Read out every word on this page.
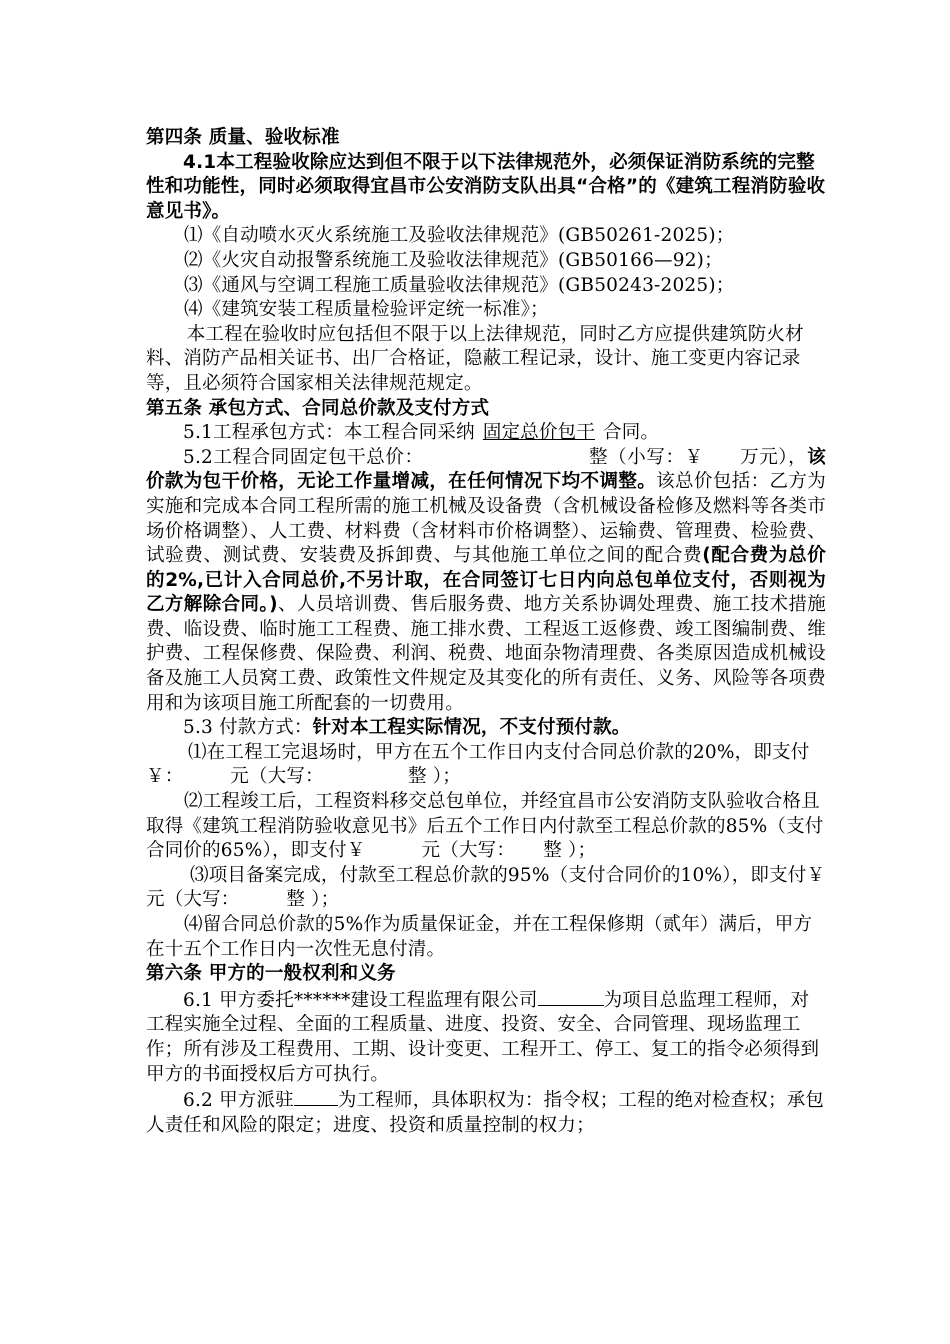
第四条 质量、验收标准
4.1本工程验收除应达到但不限于以下法律规范外，必须保证消防系统的完整性和功能性，同时必须取得宜昌市公安消防支队出具“合格”的《建筑工程消防验收意见书》。
⑴《自动喷水灭火系统施工及验收法律规范》(GB50261-2025)；
⑵《火灾自动报警系统施工及验收法律规范》(GB50166—92)；
⑶《通风与空调工程施工质量验收法律规范》(GB50243-2025)；
⑷《建筑安装工程质量检验评定统一标准》；
本工程在验收时应包括但不限于以上法律规范，同时乙方应提供建筑防火材料、消防产品相关证书、出厂合格证，隐蔽工程记录，设计、施工变更内容记录等，且必须符合国家相关法律规范规定。
第五条 承包方式、合同总价款及支付方式
5.1工程承包方式：本工程合同采纳 固定总价包干 合同。
5.2工程合同固定包干总价：	整（小写：￥ 万元），该价款为包干价格，无论工作量增减，在任何情况下均不调整。该总价包括：乙方为实施和完成本合同工程所需的施工机械及设备费（含机械设备检修及燃料等各类市场价格调整）、人工费、材料费（含材料市价格调整）、运输费、管理费、检验费、试验费、测试费、安装费及拆卸费、与其他施工单位之间的配合费(配合费为总价的2%,已计入合同总价,不另计取，在合同签订七日内向总包单位支付，否则视为乙方解除合同。)、人员培训费、售后服务费、地方关系协调处理费、施工技术措施费、临设费、临时施工工程费、施工排水费、工程返工返修费、竣工图编制费、维护费、工程保修费、保险费、利润、税费、地面杂物清理费、各类原因造成机械设备及施工人员窝工费、政策性文件规定及其变化的所有责任、义务、风险等各项费用和为该项目施工所配套的一切费用。
5.3 付款方式：针对本工程实际情况，不支付预付款。
⑴在工程工完退场时，甲方在五个工作日内支付合同总价款的20%，即支付￥：　　　元（大写：　　　　　整 ）；
⑵工程竣工后，工程资料移交总包单位，并经宜昌市公安消防支队验收合格且取得《建筑工程消防验收意见书》后五个工作日内付款至工程总价款的85%（支付合同价的65%），即支付￥　　　元（大写：　　整 ）；
⑶项目备案完成，付款至工程总价款的95%（支付合同价的10%），即支付￥　　　元（大写：　　　整 ）；
⑷留合同总价款的5%作为质量保证金，并在工程保修期（贰年）满后，甲方在十五个工作日内一次性无息付清。
第六条 甲方的一般权利和义务
6.1 甲方委托******建设工程监理有限公司	为项目总监理工程师，对工程实施全过程、全面的工程质量、进度、投资、安全、合同管理、现场监理工作；所有涉及工程费用、工期、设计变更、工程开工、停工、复工的指令必须得到甲方的书面授权后方可执行。
6.2 甲方派驻 为工程师，具体职权为：指令权；工程的绝对检查权；承包人责任和风险的限定；进度、投资和质量控制的权力；
